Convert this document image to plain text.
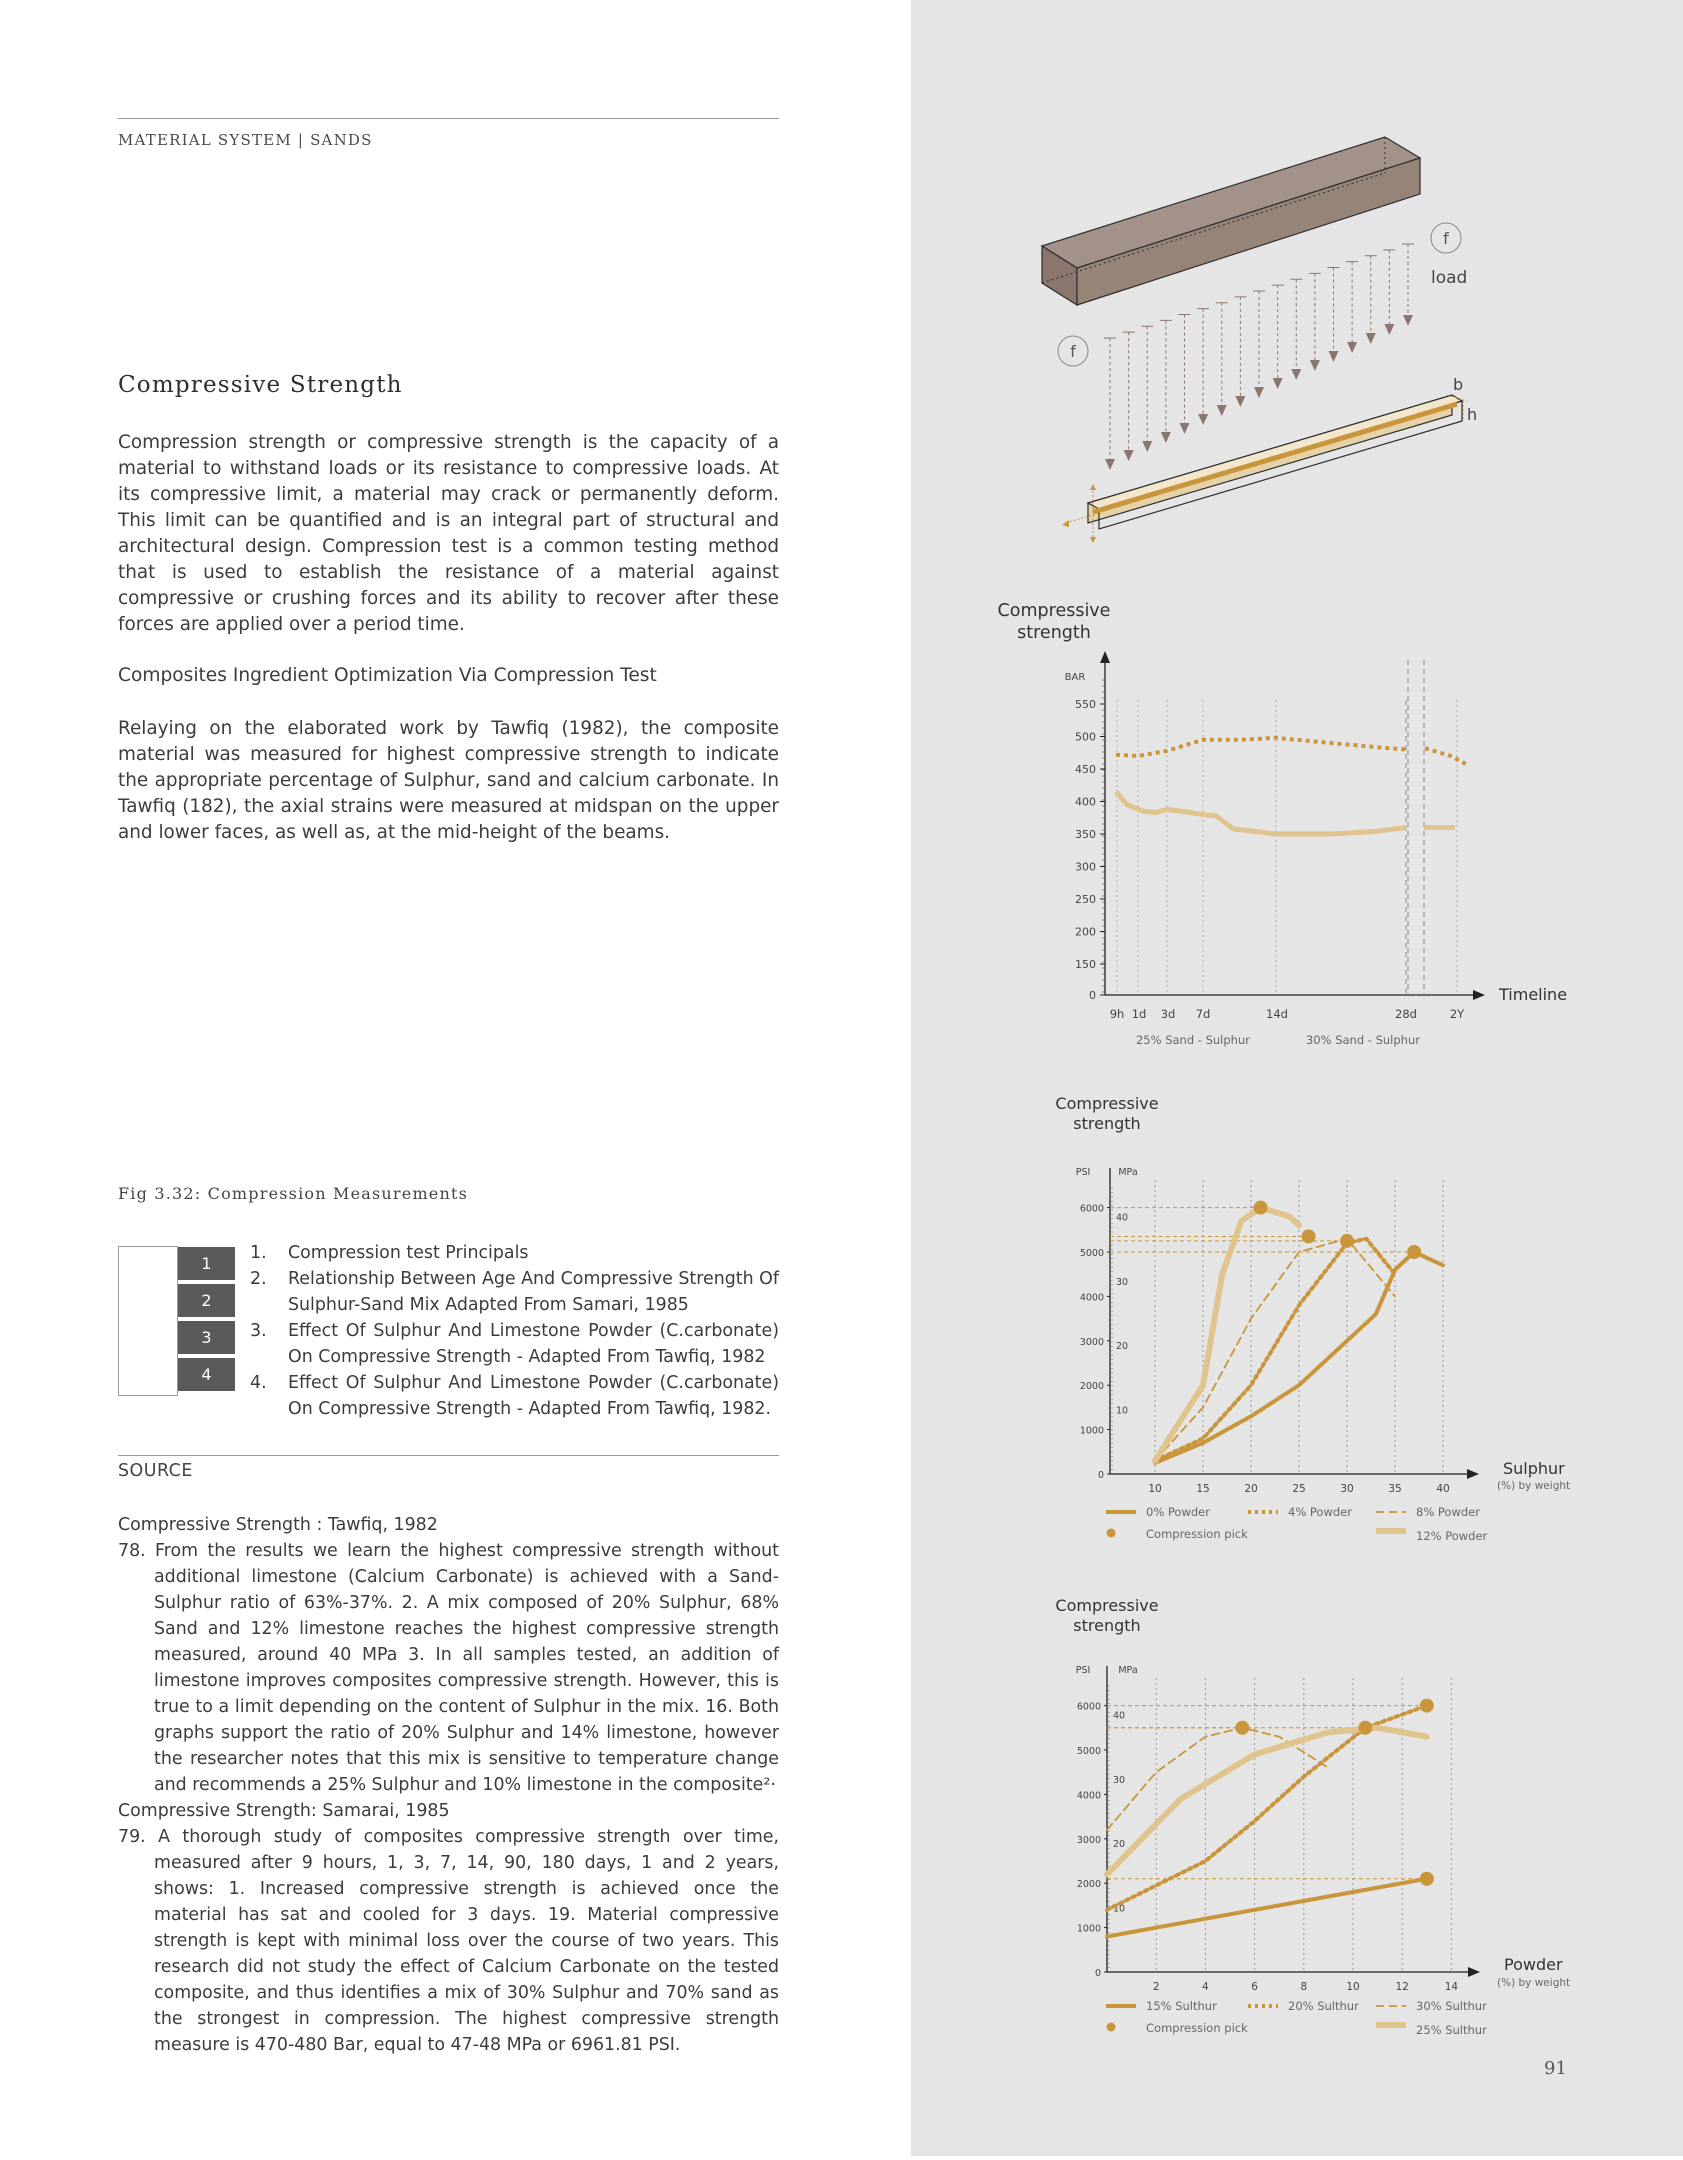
MATERIAL SYSTEM | SANDS
Compressive Strength

Compression strength or compressive strength is the capacity of a material to withstand loads or its resistance to compressive loads. At its compressive limit, a material may crack or permanently deform. This limit can be quantified and is an integral part of structural and architectural design. Compression test is a common testing method that is used to establish the resistance of a material against compressive or crushing forces and its ability to recover after these forces are applied over a period time.

Composites Ingredient Optimization Via Compression Test

Relaying on the elaborated work by Tawfiq (1982), the composite material was measured for highest compressive strength to indicate the appropriate percentage of Sulphur, sand and calcium carbonate. In Tawfiq (182), the axial strains were measured at midspan on the upper and lower faces, as well as, at the mid-height of the beams.

Fig 3.32: Compression Measurements
1
2
3
4
1. Compression test Principals
2. Relationship Between Age And Compressive Strength Of Sulphur-Sand Mix Adapted From Samari, 1985
3. Effect Of Sulphur And Limestone Powder (C.carbonate) On Compressive Strength - Adapted From Tawfiq, 1982
4. Effect Of Sulphur And Limestone Powder (C.carbonate) On Compressive Strength - Adapted From Tawfiq, 1982.
SOURCE

Compressive Strength : Tawfiq, 1982

78. From the results we learn the highest compressive strength without additional limestone (Calcium Carbonate) is achieved with a Sand-Sulphur ratio of 63%-37%. 2. A mix composed of 20% Sulphur, 68% Sand and 12% limestone reaches the highest compressive strength measured, around 40 MPa 3. In all samples tested, an addition of limestone improves composites compressive strength. However, this is true to a limit depending on the content of Sulphur in the mix. 16. Both graphs support the ratio of 20% Sulphur and 14% limestone, however the researcher notes that this mix is sensitive to temperature change and recommends a 25% Sulphur and 10% limestone in the composite²·

Compressive Strength: Samarai, 1985

79. A thorough study of composites compressive strength over time, measured after 9 hours, 1, 3, 7, 14, 90, 180 days, 1 and 2 years, shows: 1. Increased compressive strength is achieved once the material has sat and cooled for 3 days. 19. Material compressive strength is kept with minimal loss over the course of two years. This research did not study the effect of Calcium Carbonate on the tested composite, and thus identifies a mix of 30% Sulphur and 70% sand as the strongest in compression. The highest compressive strength measure is 470-480 Bar, equal to 47-48 MPa or 6961.81 PSI.

f
load
f
b
h
Compressive
strength
BAR
Timeline
0
150
200
250
300
350
400
450
500
550
9h 1d 3d 7d	14d	28d	2Y
25% Sand - Sulphur	30% Sand - Sulphur
Compressive
strength
PSI	MPa
Sulphur
(%) by weight
10	15	20	25	30	35	40
0
1000
2000
3000
4000
5000
6000
10
20
30
40
0% Powder	4% Powder	8% Powder
12% Powder
Compression pick
Compressive
strength
PSI	MPa
Powder
(%) by weight
2	4	6	8	10	12	14
0
1000
2000
3000
4000
5000
6000
10
20
30
40
15% Sulthur	20% Sulthur	30% Sulthur
25% Sulthur
Compression pick
91
